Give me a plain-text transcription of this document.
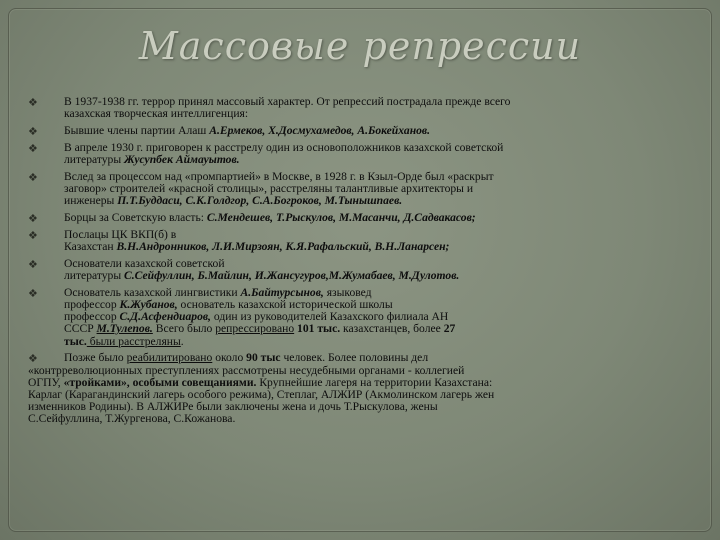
Массовые репрессии
❖ В 1937-1938 гг. террор принял массовый характер. От репрессий пострадала прежде всего
казахская творческая интеллигенция:
❖ Бывшие члены партии Алаш А.Ермеков, Х.Досмухамедов, А.Бокейханов.
❖ В апреле 1930 г. приговорен к расстрелу один из основоположников казахской советской
литературы Жусупбек Аймауытов.
❖ Вслед за процессом над «промпартией» в Москве, в 1928 г. в Кзыл-Орде был «раскрыт
заговор» строителей «красной столицы», расстреляны талантливые архитекторы и
инженеры П.Т.Буддаси, С.К.Голдгор, С.А.Богроков, М.Тынышпаев.
❖ Борцы за Советскую власть: С.Мендешев, Т.Рыскулов, М.Масанчи, Д.Садвакасов;
❖ Послацы ЦК ВКП(б) в
Казахстан В.Н.Андронников, Л.И.Мирзоян, К.Я.Рафальский, В.Н.Ланарсен;
❖ Основатели казахской советской
литературы С.Сейфуллин, Б.Майлин, И.Жансугуров,М.Жумабаев, М.Дулотов.
❖ Основатель казахской лингвистики А.Байтурсынов, языковед
профессор К.Жубанов, основатель казахской исторической школы
профессор С.Д.Асфендиаров, один из руководителей Казахского филиала АН
СССР М.Тулепов. Всего было репрессировано 101 тыс. казахстанцев, более 27
тыс. были расстреляны.
❖ Позже было реабилитировано около 90 тыс человек. Более половины дел
«контрреволюционных преступлениях рассмотрены несудебными органами - коллегией
ОГПУ, «тройками», особыми совещаниями. Крупнейшие лагеря на территории Казахстана:
Карлаг (Карагандинский лагерь особого режима), Степлаг, АЛЖИР (Акмолинском лагерь жен
изменников Родины). В АЛЖИРе были заключены жена и дочь Т.Рыскулова, жены
С.Сейфуллина, Т.Жургенова, С.Кожанова.
